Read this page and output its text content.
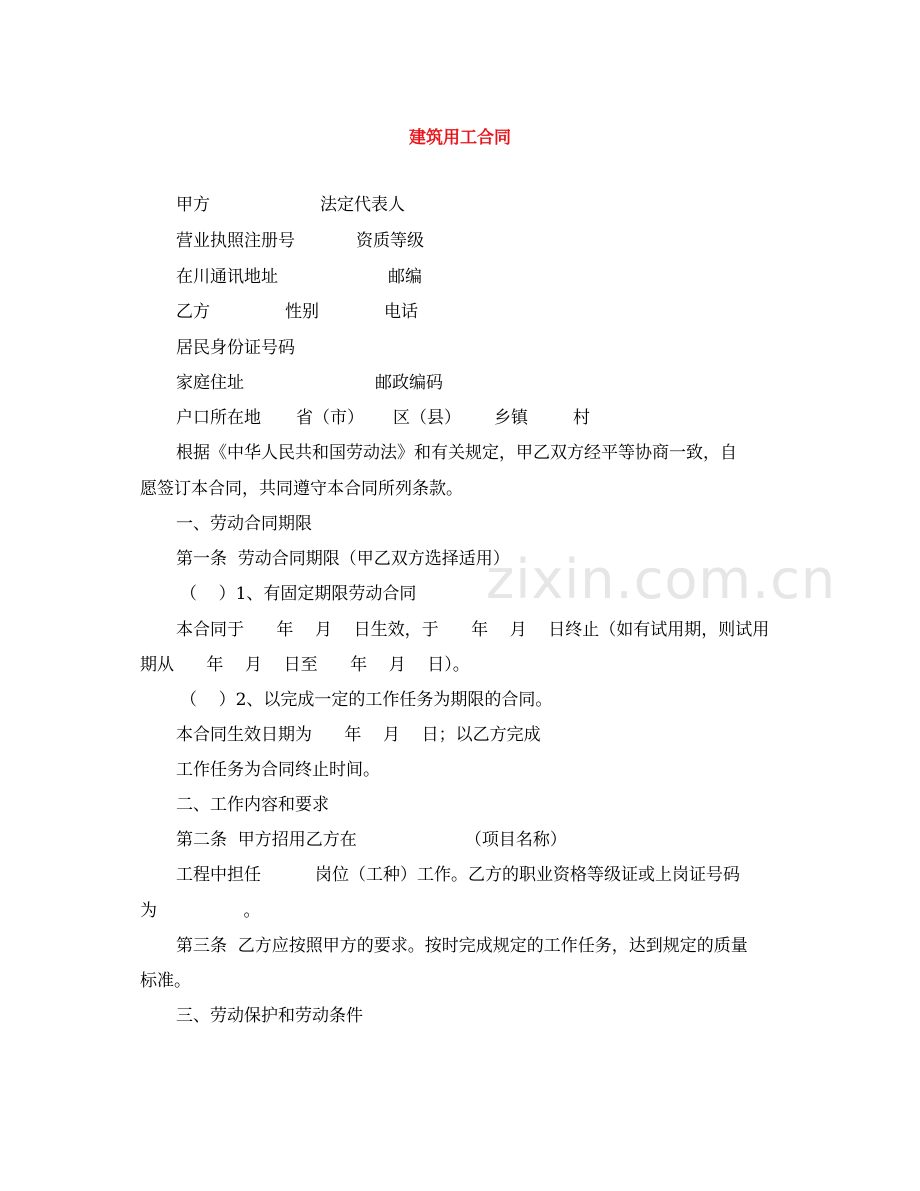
建筑用工合同
zixin.com.cn
甲方	法定代表人
营业执照注册号	资质等级
在川通讯地址	邮编
乙方	性别	电话
居民身份证号码
家庭住址	邮政编码
户口所在地 省（市） 区（县） 乡镇	村
根据《中华人民共和国劳动法》和有关规定，甲乙双方经平等协商一致，自
愿签订本合同，共同遵守本合同所列条款。
一、劳动合同期限
第一条  劳动合同期限（甲乙双方选择适用）
（    ）1、有固定期限劳动合同
本合同于      年    月    日生效，于      年    月    日终止（如有试用期，则试用
期从      年    月    日至      年    月    日）。
（    ）2、以完成一定的工作任务为期限的合同。
本合同生效日期为      年    月    日；以乙方完成
工作任务为合同终止时间。
二、工作内容和要求
第二条  甲方招用乙方在                    （项目名称）
工程中担任          岗位（工种）工作。乙方的职业资格等级证或上岗证号码
为                。
第三条  乙方应按照甲方的要求。按时完成规定的工作任务，达到规定的质量
标准。
三、劳动保护和劳动条件
